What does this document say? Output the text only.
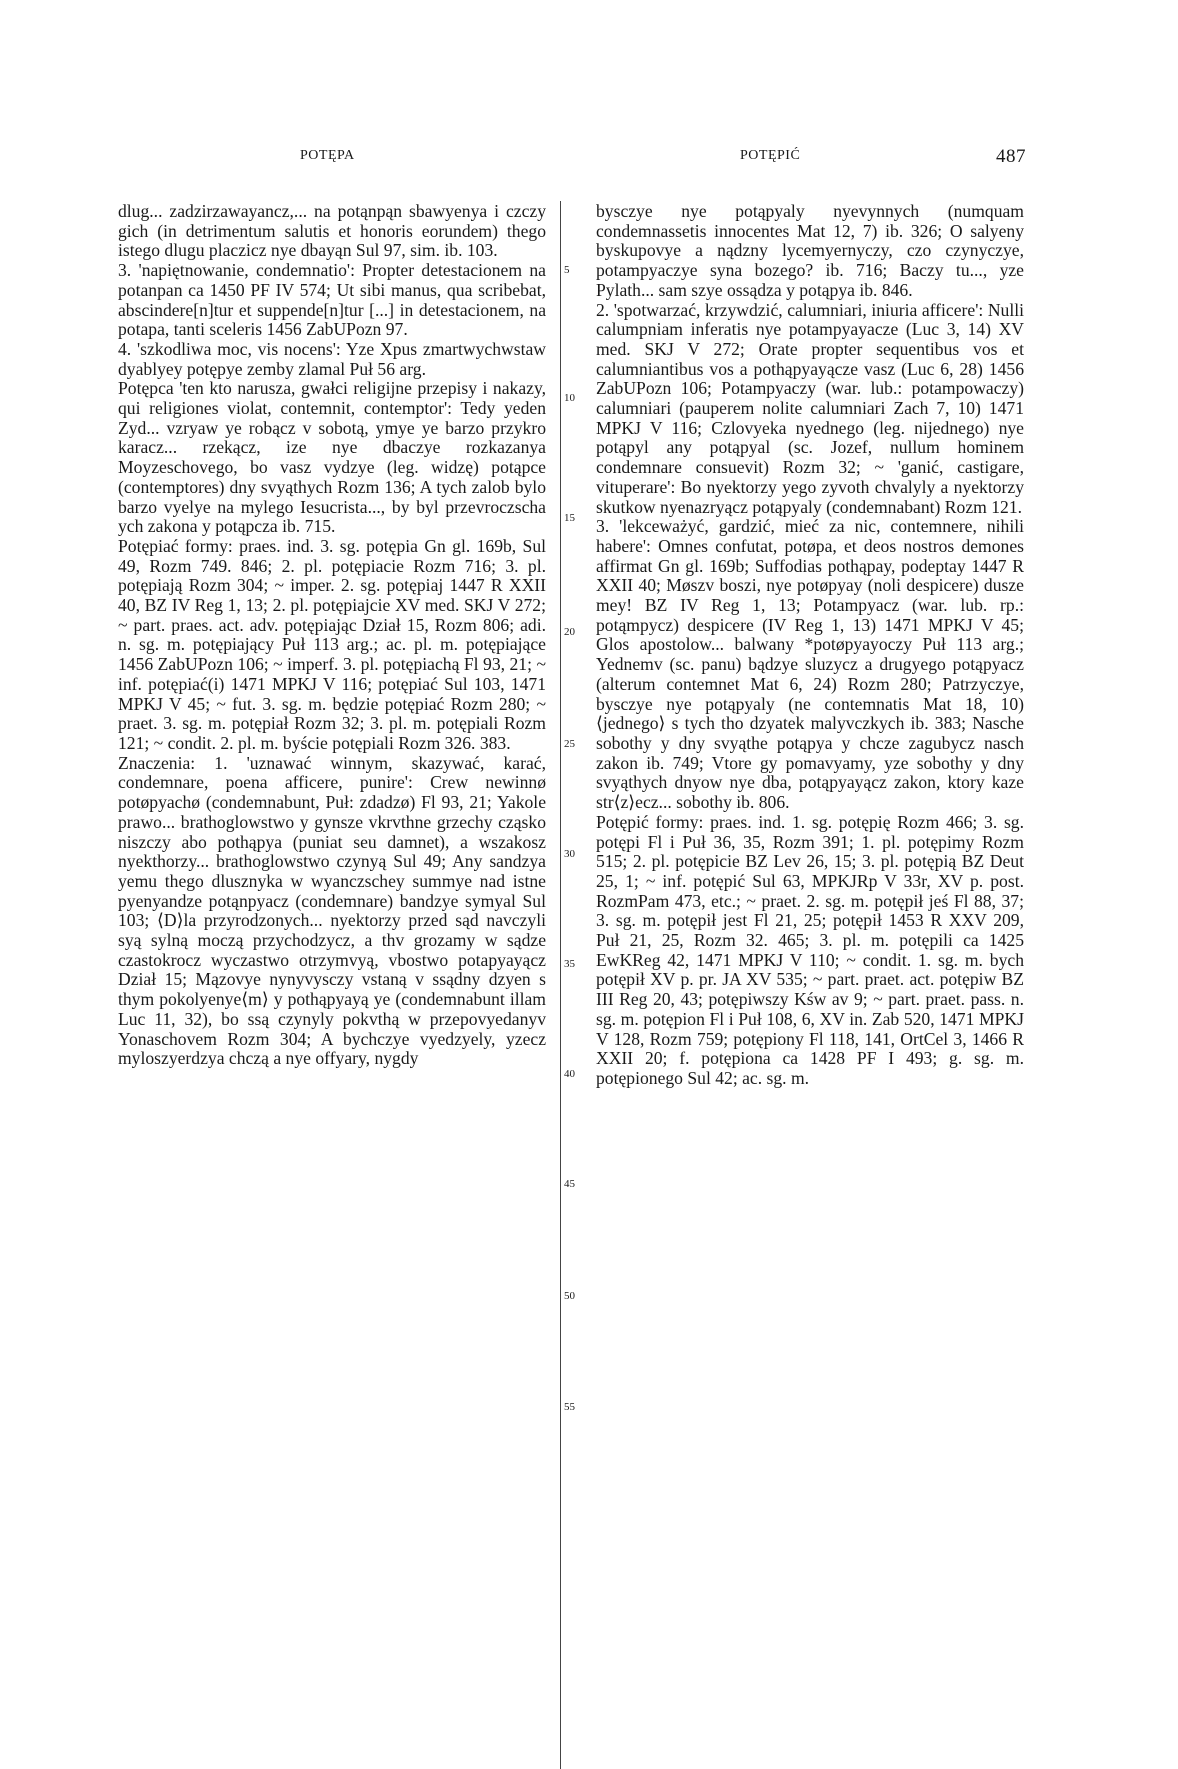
POTĘPA	POTĘPIĆ	487

dlug... zadzirzawayancz,... na potąnpąn sbawyenya i czczy gich (in detrimentum salutis et honoris eorundem) thego istego dlugu placzicz nye dbayąn Sul 97, sim. ib. 103.

3. 'napiętnowanie, condemnatio': Propter detestacionem na potanpan ca 1450 PF IV 574; Ut sibi manus, qua scribebat, abscindere[n]tur et suppende[n]tur [...] in detestacionem, na potapa, tanti sceleris 1456 ZabUPozn 97.

4. 'szkodliwa moc, vis nocens': Yze Xpus zmartwychwstaw dyablyey potępye zemby zlamal Puł 56 arg.

Potępca 'ten kto narusza, gwałci religijne przepisy i nakazy, qui religiones violat, contemnit, contemptor': Tedy yeden Zyd... vzryaw ye robącz v sobotą, ymye ye barzo przykro karacz... rzekącz, ize nye dbaczye rozkazanya Moyzeschovego, bo vasz vydzye (leg. widzę) potąpce (contemptores) dny svyąthych Rozm 136; A tych zalob bylo barzo vyelye na mylego Iesucrista..., by byl przevroczscha ych zakona y potąpcza ib. 715.

Potępiać formy: praes. ind. 3. sg. potępia Gn gl. 169b, Sul 49, Rozm 749. 846; 2. pl. potępiacie Rozm 716; 3. pl. potępiają Rozm 304; ~ imper. 2. sg. potępiaj 1447 R XXII 40, BZ IV Reg 1, 13; 2. pl. potępiajcie XV med. SKJ V 272; ~ part. praes. act. adv. potępiając Dział 15, Rozm 806; adi. n. sg. m. potępiający Puł 113 arg.; ac. pl. m. potępiające 1456 ZabUPozn 106; ~ imperf. 3. pl. potępiachą Fl 93, 21; ~ inf. potępiać(i) 1471 MPKJ V 116; potępiać Sul 103, 1471 MPKJ V 45; ~ fut. 3. sg. m. będzie potępiać Rozm 280; ~ praet. 3. sg. m. potępiał Rozm 32; 3. pl. m. potępiali Rozm 121; ~ condit. 2. pl. m. byście potępiali Rozm 326. 383.

Znaczenia: 1. 'uznawać winnym, skazywać, karać, condemnare, poena afficere, punire': Crew newinnø potøpyachø (condemnabunt, Puł: zdadzø) Fl 93, 21; Yakole prawo... brathoglowstwo y gynsze vkrvthne grzechy cząsko niszczy abo pothąpya (puniat seu damnet), a wszakosz nyekthorzy... brathoglowstwo czynyą Sul 49; Any sandzya yemu thego dlusznyka w wyanczschey summye nad istne pyenyandze potąnpyacz (condemnare) bandzye symyal Sul 103; ⟨D⟩la przyrodzonych... nyektorzy przed sąd navczyli syą sylną moczą przychodzycz, a thv grozamy w sądze czastokrocz wyczastwo otrzymvyą, vbostwo potapyayącz Dział 15; Mązovye nynyvysczy vstaną v ssądny dzyen s thym pokolyenye⟨m⟩ y pothąpyayą ye (condemnabunt illam Luc 11, 32), bo ssą czynyly pokvthą w przepovyedanyv Yonaschovem Rozm 304; A bychczye vyedzyely, yzecz myloszyerdzya chczą a nye offyary, nygdy

5
10
15
20
25
30
35
40
45
50
55

bysczye nye potąpyaly nyevynnych (numquam condemnassetis innocentes Mat 12, 7) ib. 326; O salyeny byskupovye a nądzny lycemyernyczy, czo czynyczye, potampyaczye syna bozego? ib. 716; Baczy tu..., yze Pylath... sam szye ossądza y potąpya ib. 846.

2. 'spotwarzać, krzywdzić, calumniari, iniuria afficere': Nulli calumpniam inferatis nye potampyayacze (Luc 3, 14) XV med. SKJ V 272; Orate propter sequentibus vos et calumniantibus vos a pothąpyayącze vasz (Luc 6, 28) 1456 ZabUPozn 106; Potampyaczy (war. lub.: potampowaczy) calumniari (pauperem nolite calumniari Zach 7, 10) 1471 MPKJ V 116; Czlovyeka nyednego (leg. nijednego) nye potąpyl any potąpyal (sc. Jozef, nullum hominem condemnare consuevit) Rozm 32; ~ 'ganić, castigare, vituperare': Bo nyektorzy yego zyvoth chvalyly a nyektorzy skutkow nyenazryącz potąpyaly (condemnabant) Rozm 121.

3. 'lekceważyć, gardzić, mieć za nic, contemnere, nihili habere': Omnes confutat, potøpa, et deos nostros demones affirmat Gn gl. 169b; Suffodias pothąpay, podeptay 1447 R XXII 40; Møszv boszi, nye potøpyay (noli despicere) dusze mey! BZ IV Reg 1, 13; Potampyacz (war. lub. rp.: potąmpycz) despicere (IV Reg 1, 13) 1471 MPKJ V 45; Glos apostolow... balwany *potøpyayoczy Puł 113 arg.; Yednemv (sc. panu) bądzye sluzycz a drugyego potąpyacz (alterum contemnet Mat 6, 24) Rozm 280; Patrzyczye, bysczye nye potąpyaly (ne contemnatis Mat 18, 10) ⟨jednego⟩ s tych tho dzyatek malyvczkych ib. 383; Nasche sobothy y dny svyąthe potąpya y chcze zagubycz nasch zakon ib. 749; Vtore gy pomavyamy, yze sobothy y dny svyąthych dnyow nye dba, potąpyayącz zakon, ktory kaze str⟨z⟩ecz... sobothy ib. 806.

Potępić formy: praes. ind. 1. sg. potępię Rozm 466; 3. sg. potępi Fl i Puł 36, 35, Rozm 391; 1. pl. potępimy Rozm 515; 2. pl. potępicie BZ Lev 26, 15; 3. pl. potępią BZ Deut 25, 1; ~ inf. potępić Sul 63, MPKJRp V 33r, XV p. post. RozmPam 473, etc.; ~ praet. 2. sg. m. potępił jeś Fl 88, 37; 3. sg. m. potępił jest Fl 21, 25; potępił 1453 R XXV 209, Puł 21, 25, Rozm 32. 465; 3. pl. m. potępili ca 1425 EwKReg 42, 1471 MPKJ V 110; ~ condit. 1. sg. m. bych potępił XV p. pr. JA XV 535; ~ part. praet. act. potępiw BZ III Reg 20, 43; potępiwszy Kśw av 9; ~ part. praet. pass. n. sg. m. potępion Fl i Puł 108, 6, XV in. Zab 520, 1471 MPKJ V 128, Rozm 759; potępiony Fl 118, 141, OrtCel 3, 1466 R XXII 20; f. potępiona ca 1428 PF I 493; g. sg. m. potępionego Sul 42; ac. sg. m.
